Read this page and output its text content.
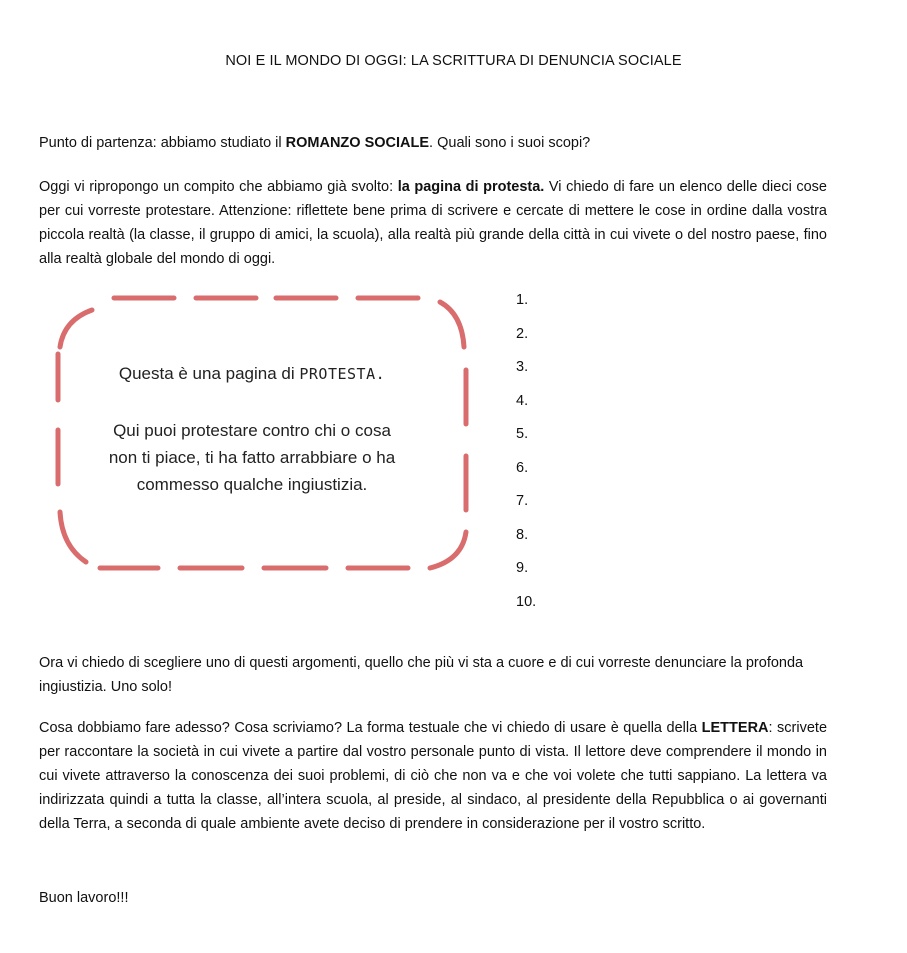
NOI E IL MONDO DI OGGI: LA SCRITTURA DI DENUNCIA SOCIALE

Punto di partenza: abbiamo studiato il ROMANZO SOCIALE. Quali sono i suoi scopi?

Oggi vi ripropongo un compito che abbiamo già svolto: la pagina di protesta. Vi chiedo di fare un elenco delle dieci cose per cui vorreste protestare. Attenzione: riflettete bene prima di scrivere e cercate di mettere le cose in ordine dalla vostra piccola realtà (la classe, il gruppo di amici, la scuola), alla realtà più grande della città in cui vivete o del nostro paese, fino alla realtà globale del mondo di oggi.

Questa è una pagina di PROTESTA.
Qui puoi protestare contro chi o cosa non ti piace, ti ha fatto arrabbiare o ha commesso qualche ingiustizia.
1.
2.
3.
4.
5.
6.
7.
8.
9.
10.

Ora vi chiedo di scegliere uno di questi argomenti, quello che più vi sta a cuore e di cui vorreste denunciare la profonda ingiustizia. Uno solo!

Cosa dobbiamo fare adesso? Cosa scriviamo? La forma testuale che vi chiedo di usare è quella della LETTERA: scrivete per raccontare la società in cui vivete a partire dal vostro personale punto di vista. Il lettore deve comprendere il mondo in cui vivete attraverso la conoscenza dei suoi problemi, di ciò che non va e che voi volete che tutti sappiano. La lettera va indirizzata quindi a tutta la classe, all’intera scuola, al preside, al sindaco, al presidente della Repubblica o ai governanti della Terra, a seconda di quale ambiente avete deciso di prendere in considerazione per il vostro scritto.

Buon lavoro!!!
